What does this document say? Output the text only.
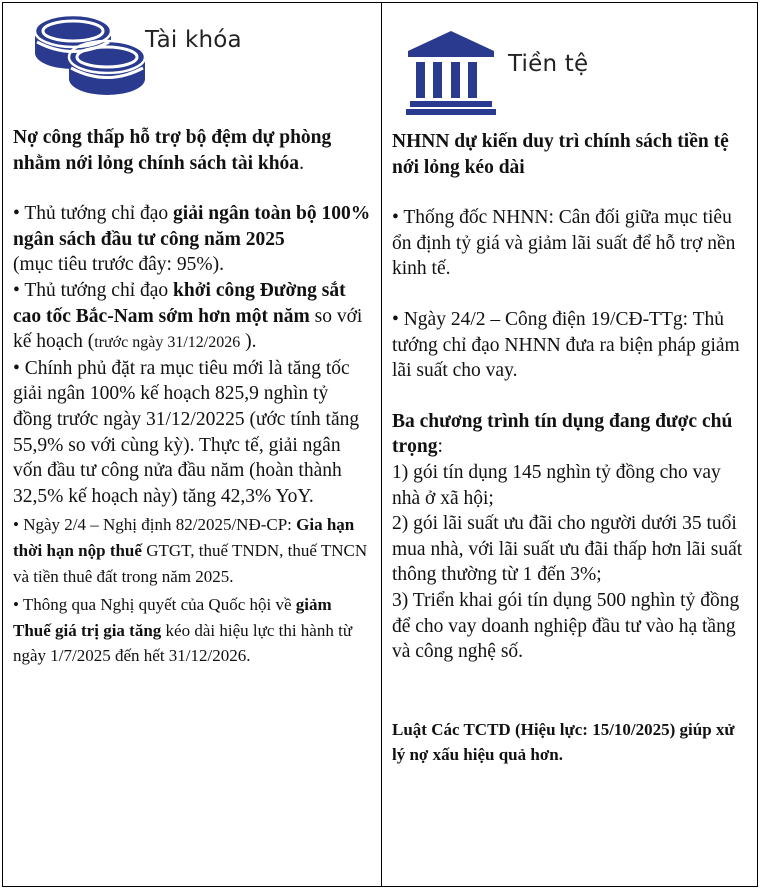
Tài khóa

Nợ công thấp hỗ trợ bộ đệm dự phòng nhằm nới lỏng chính sách tài khóa.

• Thủ tướng chỉ đạo giải ngân toàn bộ 100% ngân sách đầu tư công năm 2025

(mục tiêu trước đây: 95%).

• Thủ tướng chỉ đạo khởi công Đường sắt

cao tốc Bắc-Nam sớm hơn một năm so với kế hoạch (trước ngày 31/12/2026 ).

• Chính phủ đặt ra mục tiêu mới là tăng tốc giải ngân 100% kế hoạch 825,9 nghìn tỷ đồng trước ngày 31/12/20225 (ước tính tăng 55,9% so với cùng kỳ). Thực tế, giải ngân vốn đầu tư công nửa đầu năm (hoàn thành 32,5% kế hoạch này) tăng 42,3% YoY.

• Ngày 2/4 – Nghị định 82/2025/NĐ-CP: Gia hạn thời hạn nộp thuế GTGT, thuế TNDN, thuế TNCN và tiền thuê đất trong năm 2025.

• Thông qua Nghị quyết của Quốc hội về giảm Thuế giá trị gia tăng kéo dài hiệu lực thi hành từ ngày 1/7/2025 đến hết 31/12/2026.

Tiền tệ

NHNN dự kiến duy trì chính sách tiền tệ nới lỏng kéo dài

• Thống đốc NHNN: Cân đối giữa mục tiêu ổn định tỷ giá và giảm lãi suất để hỗ trợ nền kinh tế.

• Ngày 24/2 – Công điện 19/CĐ-TTg: Thủ tướng chỉ đạo NHNN đưa ra biện pháp giảm lãi suất cho vay.

Ba chương trình tín dụng đang được chú trọng:

1) gói tín dụng 145 nghìn tỷ đồng cho vay nhà ở xã hội;

2) gói lãi suất ưu đãi cho người dưới 35 tuổi mua nhà, với lãi suất ưu đãi thấp hơn lãi suất thông thường từ 1 đến 3%;

3) Triển khai gói tín dụng 500 nghìn tỷ đồng để cho vay doanh nghiệp đầu tư vào hạ tầng và công nghệ số.

Luật Các TCTD (Hiệu lực: 15/10/2025) giúp xử lý nợ xấu hiệu quả hơn.
